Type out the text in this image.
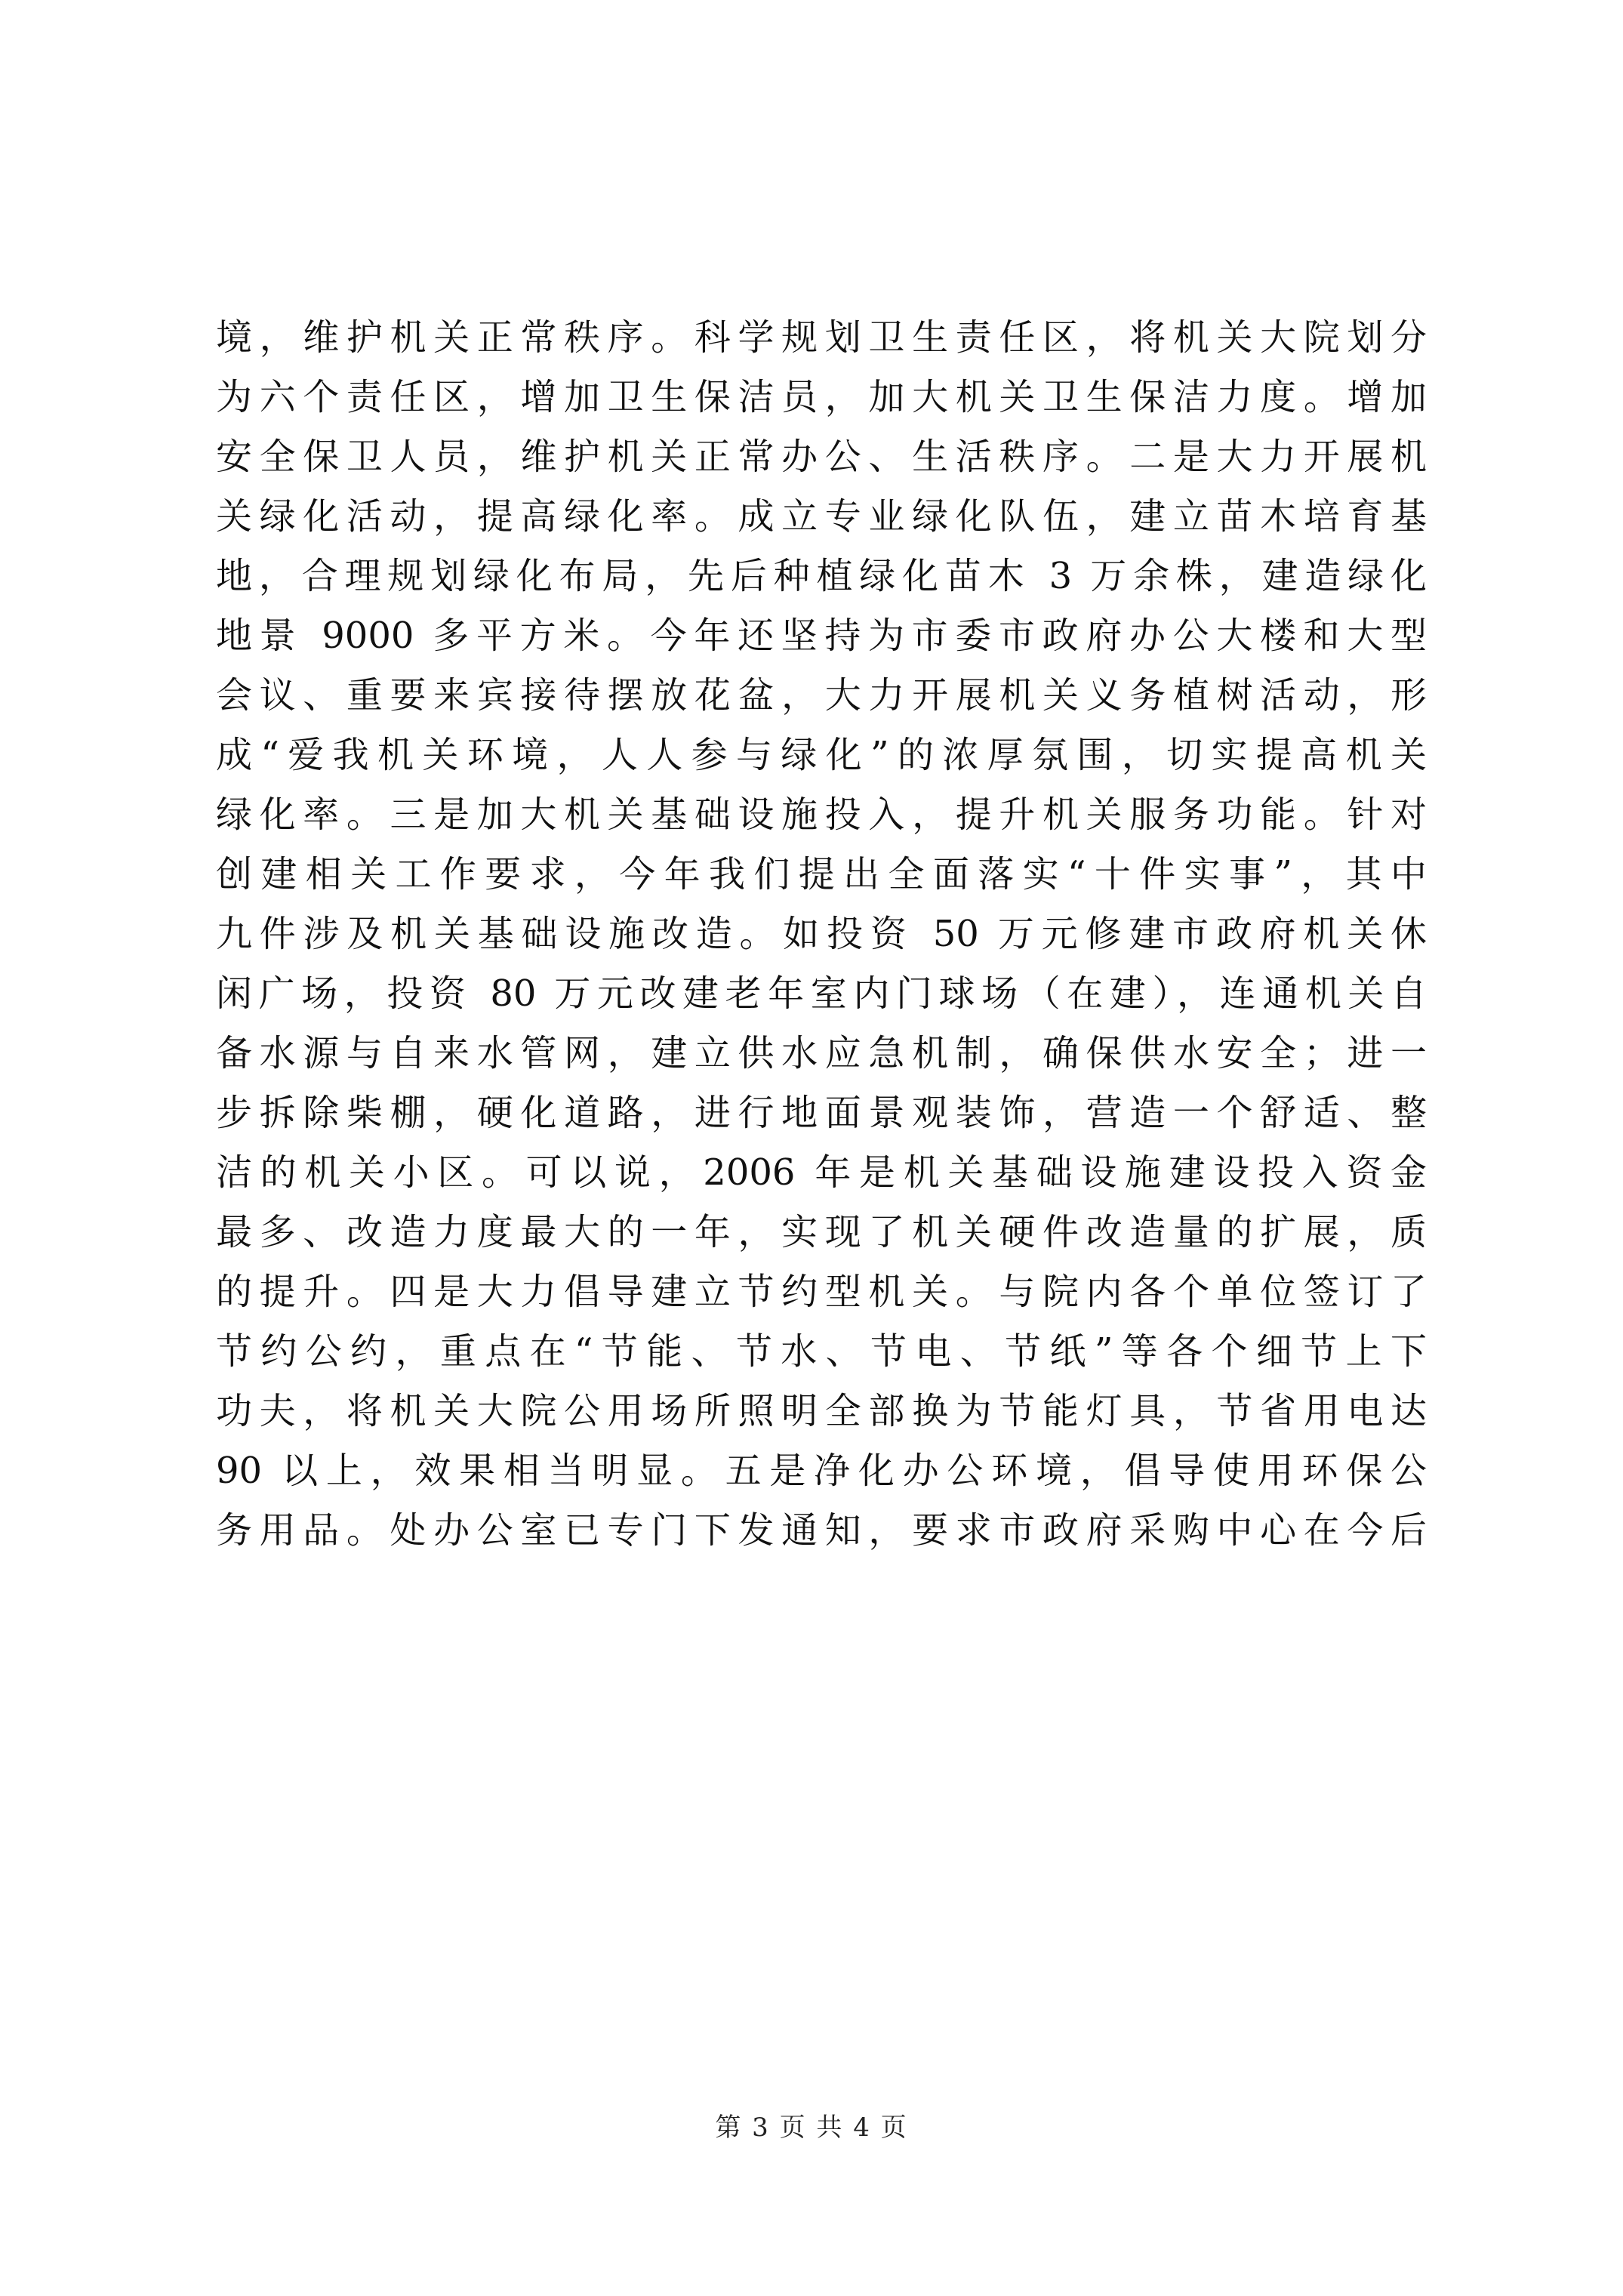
境，维护机关正常秩序。科学规划卫生责任区，将机关大院划分
为六个责任区，增加卫生保洁员，加大机关卫生保洁力度。增加
安全保卫人员，维护机关正常办公、生活秩序。二是大力开展机
关绿化活动，提高绿化率。成立专业绿化队伍，建立苗木培育基
地，合理规划绿化布局，先后种植绿化苗木 3 万余株，建造绿化
地景 9000 多平方米。今年还坚持为市委市政府办公大楼和大型
会议、重要来宾接待摆放花盆，大力开展机关义务植树活动，形
成“爱我机关环境，人人参与绿化”的浓厚氛围，切实提高机关
绿化率。三是加大机关基础设施投入，提升机关服务功能。针对
创建相关工作要求，今年我们提出全面落实“十件实事”，其中
九件涉及机关基础设施改造。如投资 50 万元修建市政府机关休
闲广场，投资 80 万元改建老年室内门球场（在建），连通机关自
备水源与自来水管网，建立供水应急机制，确保供水安全；进一
步拆除柴棚，硬化道路，进行地面景观装饰，营造一个舒适、整
洁的机关小区。可以说，2006 年是机关基础设施建设投入资金
最多、改造力度最大的一年，实现了机关硬件改造量的扩展，质
的提升。四是大力倡导建立节约型机关。与院内各个单位签订了
节约公约，重点在“节能、节水、节电、节纸”等各个细节上下
功夫，将机关大院公用场所照明全部换为节能灯具，节省用电达
90 以上，效果相当明显。五是净化办公环境，倡导使用环保公
务用品。处办公室已专门下发通知，要求市政府采购中心在今后
第 3 页 共 4 页
